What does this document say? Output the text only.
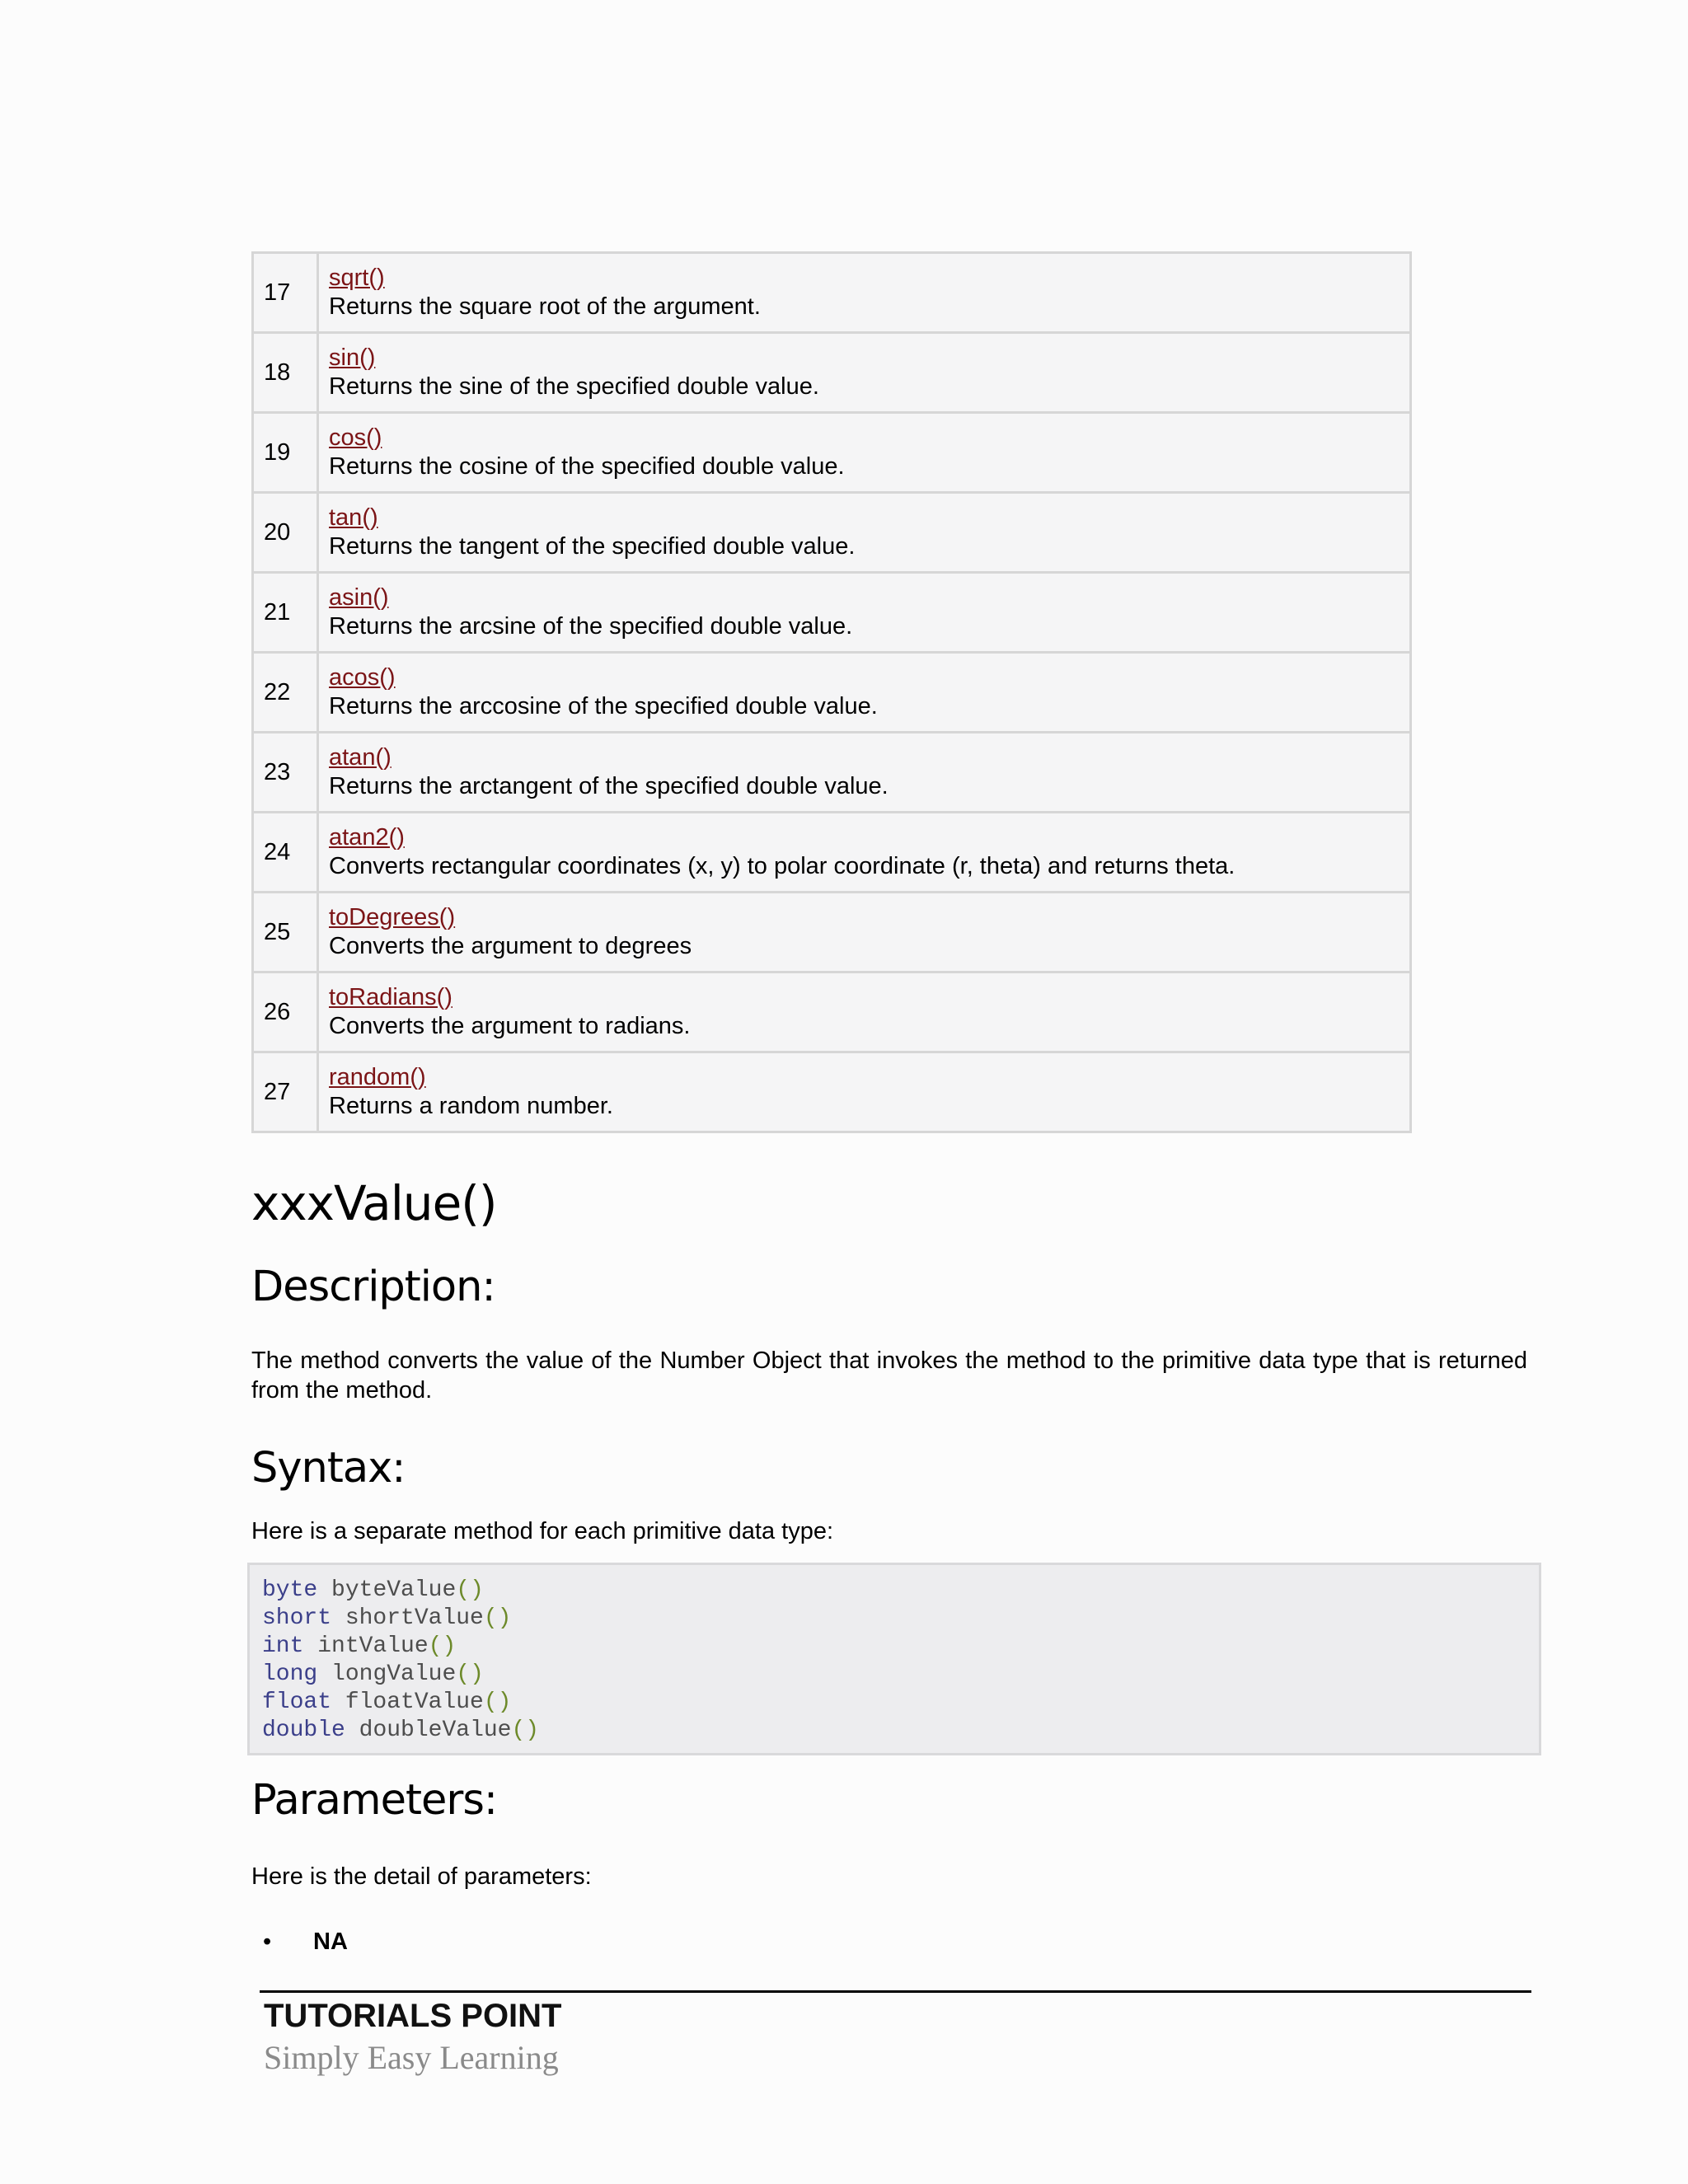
17	sqrt()
Returns the square root of the argument.

18	sin()
Returns the sine of the specified double value.

19	cos()
Returns the cosine of the specified double value.

20	tan()
Returns the tangent of the specified double value.

21	asin()
Returns the arcsine of the specified double value.

22	acos()
Returns the arccosine of the specified double value.

23	atan()
Returns the arctangent of the specified double value.

24	atan2()
Converts rectangular coordinates (x, y) to polar coordinate (r, theta) and returns theta.

25	toDegrees()
Converts the argument to degrees

26	toRadians()
Converts the argument to radians.

27	random()
Returns a random number.
xxxValue()
Description:

The method converts the value of the Number Object that invokes the method to the primitive data type that is returned from the method.

Syntax:

Here is a separate method for each primitive data type:

byte byteValue()
short shortValue()
int intValue()
long longValue()
float floatValue()
double doubleValue()
Parameters:

Here is the detail of parameters:

• NA
TUTORIALS POINT
Simply Easy Learning
